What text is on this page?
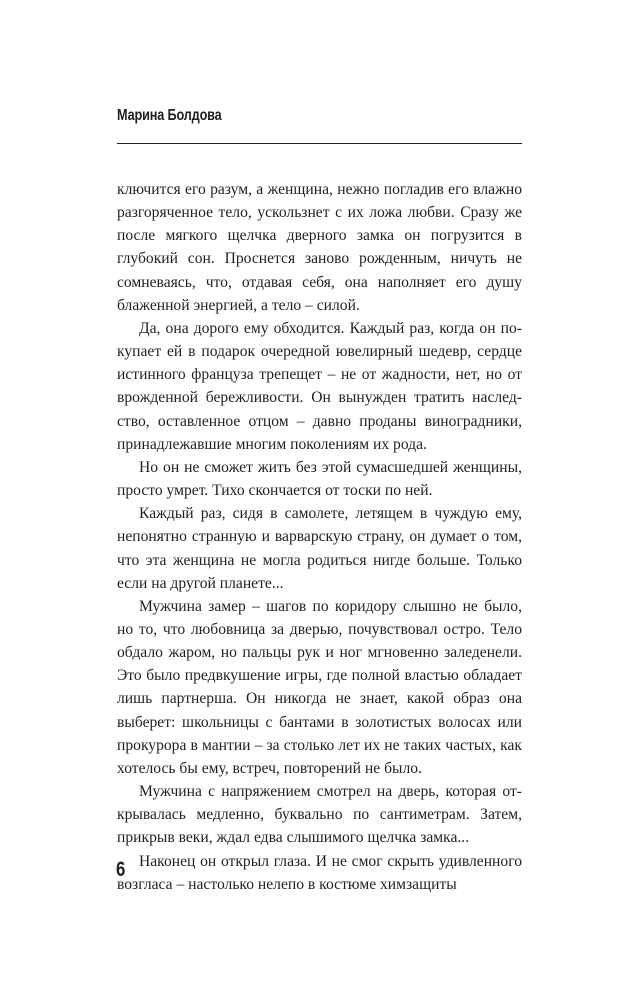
Марина Болдова

ключится его разум, а женщина, нежно погладив его влажно разгоряченное тело, ускользнет с их ложа любви. Сразу же после мягкого щелчка дверного замка он погрузится в глубокий сон. Проснется заново рожденным, ничуть не сомневаясь, что, отдавая себя, она наполняет его душу блаженной энергией, а тело – силой.

Да, она дорого ему обходится. Каждый раз, когда он покупает ей в подарок очередной ювелирный шедевр, сердце истинного француза трепещет – не от жадности, нет, но от врожденной бережливости. Он вынужден тратить наследство, оставленное отцом – давно проданы виноградники, принадлежавшие многим поколениям их рода.

Но он не сможет жить без этой сумасшедшей женщины, просто умрет. Тихо скончается от тоски по ней.

Каждый раз, сидя в самолете, летящем в чуждую ему, непонятно странную и варварскую страну, он думает о том, что эта женщина не могла родиться нигде больше. Только если на другой планете...

Мужчина замер – шагов по коридору слышно не было, но то, что любовница за дверью, почувствовал остро. Тело обдало жаром, но пальцы рук и ног мгновенно заледенели. Это было предвкушение игры, где полной властью обладает лишь партнерша. Он никогда не знает, какой образ она выберет: школьницы с бантами в золотистых волосах или прокурора в мантии – за столько лет их не таких частых, как хотелось бы ему, встреч, повторений не было.

Мужчина с напряжением смотрел на дверь, которая открывалась медленно, буквально по сантиметрам. Затем, прикрыв веки, ждал едва слышимого щелчка замка...

Наконец он открыл глаза. И не смог скрыть удивленного возгласа – настолько нелепо в костюме химзащиты

6
